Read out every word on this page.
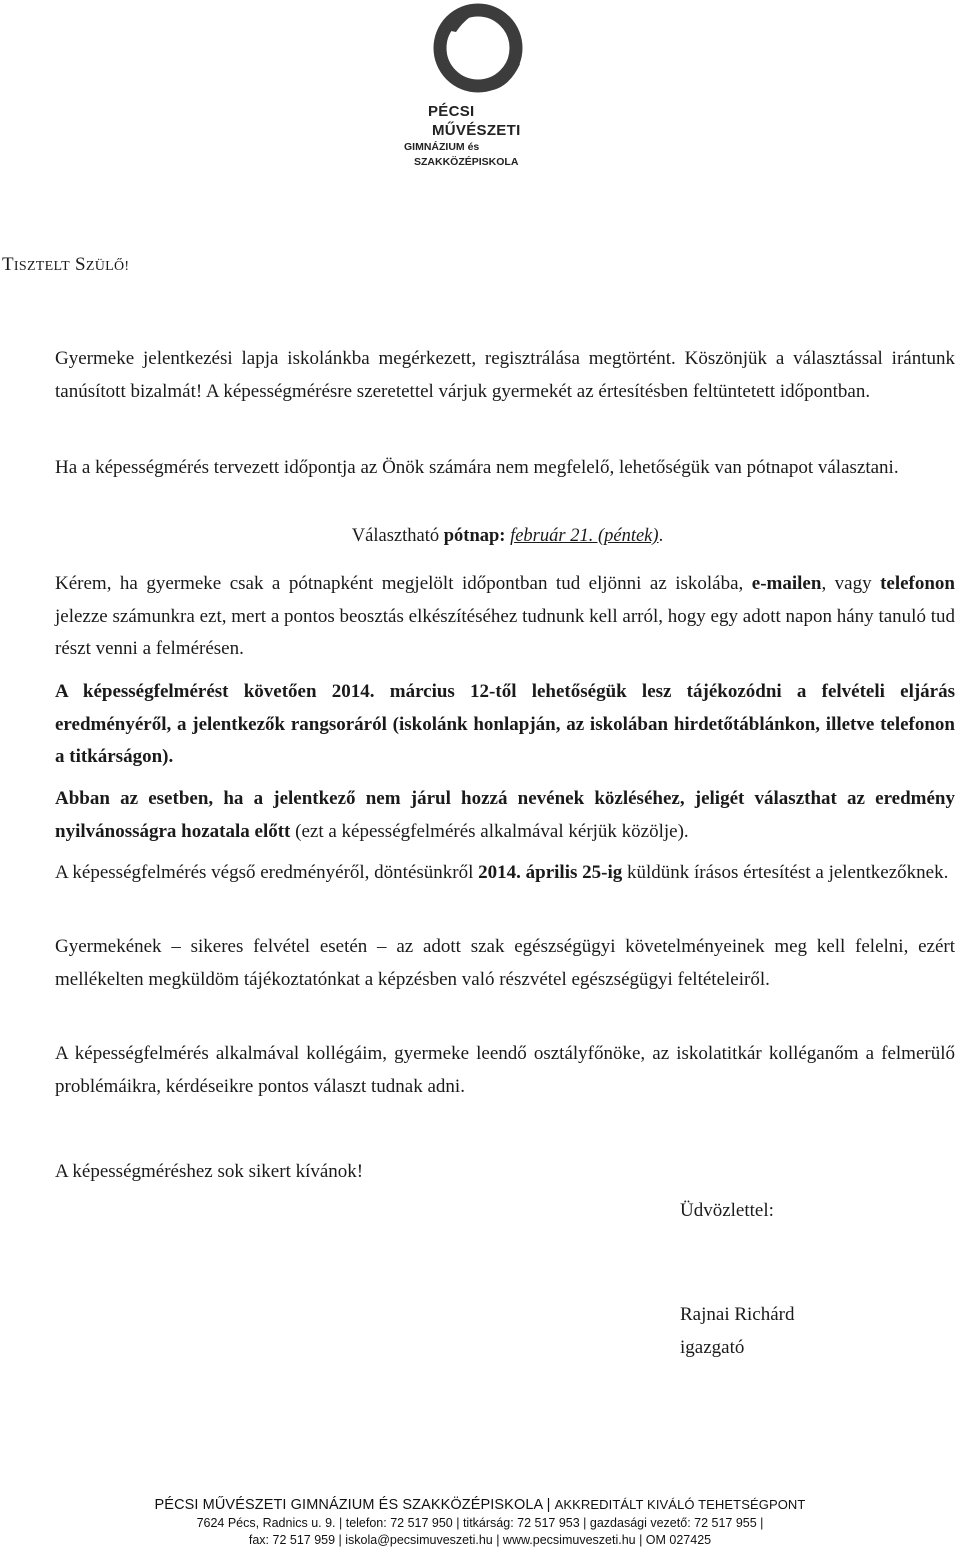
PÉCSI
MŰVÉSZETI
GIMNÁZIUM és
SZAKKÖZÉPISKOLA
TISZTELT SZÜLŐ!
Gyermeke jelentkezési lapja iskolánkba megérkezett, regisztrálása megtörtént. Köszönjük a választással irántunk tanúsított bizalmát! A képességmérésre szeretettel várjuk gyermekét az értesítésben feltüntetett időpontban.
Ha a képességmérés tervezett időpontja az Önök számára nem megfelelő, lehetőségük van pótnapot választani.
Választható pótnap: február 21. (péntek).
Kérem, ha gyermeke csak a pótnapként megjelölt időpontban tud eljönni az iskolába, e-mailen, vagy telefonon jelezze számunkra ezt, mert a pontos beosztás elkészítéséhez tudnunk kell arról, hogy egy adott napon hány tanuló tud részt venni a felmérésen.
A képességfelmérést követően 2014. március 12-től lehetőségük lesz tájékozódni a felvételi eljárás eredményéről, a jelentkezők rangsoráról (iskolánk honlapján, az iskolában hirdetőtáblánkon, illetve telefonon a titkárságon).
Abban az esetben, ha a jelentkező nem járul hozzá nevének közléséhez, jeligét választhat az eredmény nyilvánosságra hozatala előtt (ezt a képességfelmérés alkalmával kérjük közölje).
A képességfelmérés végső eredményéről, döntésünkről 2014. április 25-ig küldünk írásos értesítést a jelentkezőknek.
Gyermekének – sikeres felvétel esetén – az adott szak egészségügyi követelményeinek meg kell felelni, ezért mellékelten megküldöm tájékoztatónkat a képzésben való részvétel egészségügyi feltételeiről.
A képességfelmérés alkalmával kollégáim, gyermeke leendő osztályfőnöke, az iskolatitkár kolléganőm a felmerülő problémáikra, kérdéseikre pontos választ tudnak adni.
A képességméréshez sok sikert kívánok!
Üdvözlettel:
Rajnai Richárd
igazgató
PÉCSI MŰVÉSZETI GIMNÁZIUM ÉS SZAKKÖZÉPISKOLA | AKKREDITÁLT KIVÁLÓ TEHETSÉGPONT
7624 Pécs, Radnics u. 9. | telefon: 72 517 950 | titkárság: 72 517 953 | gazdasági vezető: 72 517 955 |
fax: 72 517 959 | iskola@pecsimuveszeti.hu | www.pecsimuveszeti.hu | OM 027425
